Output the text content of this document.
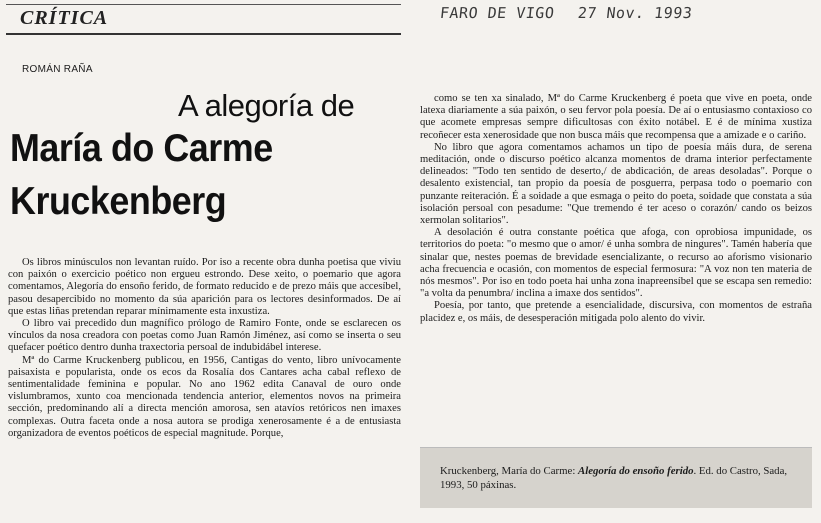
CRÍTICA	FARO DE VIGO 27 Nov. 1993
ROMÁN RAÑA
A alegoría de
María do Carme
Kruckenberg

Os libros minúsculos non levantan ruído. Por iso a recente obra dunha poetisa que viviu con paixón o exercicio poético non ergueu estrondo. Dese xeito, o poemario que agora comentamos, Alegoría do ensoño ferido, de formato reducido e de prezo máis que accesíbel, pasou desapercibido no momento da súa aparición para os lectores desinformados. De aí que estas liñas pretendan reparar mínimamente esta inxustiza.

O libro vai precedido dun magnífico prólogo de Ramiro Fonte, onde se esclarecen os vínculos da nosa creadora con poetas como Juan Ramón Jiménez, así como se inserta o seu quefacer poético dentro dunha traxectoria persoal de indubidábel interese.

Mª do Carme Kruckenberg publicou, en 1956, Cantigas do vento, libro unívocamente paisaxista e popularista, onde os ecos da Rosalía dos Cantares acha cabal reflexo de sentimentalidade feminina e popular. No ano 1962 edita Canaval de ouro onde vislumbramos, xunto coa mencionada tendencia anterior, elementos novos na primeira sección, predominando alí a directa mención amorosa, sen atavíos retóricos nen imaxes complexas. Outra faceta onde a nosa autora se prodiga xenerosamente é a de entusiasta organizadora de eventos poéticos de especial magnitude. Porque,

como se ten xa sinalado, Mª do Carme Kruckenberg é poeta que vive en poeta, onde latexa diariamente a súa paixón, o seu fervor pola poesía. De aí o entusiasmo contaxioso co que acomete empresas sempre dificultosas con éxito notábel. E é de mínima xustiza recoñecer esta xenerosidade que non busca máis que recompensa que a amizade e o cariño.

No libro que agora comentamos achamos un tipo de poesía máis dura, de serena meditación, onde o discurso poético alcanza momentos de drama interior perfectamente delineados: "Todo ten sentido de deserto,/ de abdicación, de areas desoladas". Porque o desalento existencial, tan propio da poesía de posguerra, perpasa todo o poemario con punzante reiteración. É a soidade a que esmaga o peito do poeta, soidade que constata a súa isolación persoal con pesadume: "Que tremendo é ter aceso o corazón/ cando os beizos xermolan solitarios".

A desolación é outra constante poética que afoga, con oprobiosa impunidade, os territorios do poeta: "o mesmo que o amor/ é unha sombra de ningures". Tamén habería que sinalar que, nestes poemas de brevidade esencializante, o recurso ao aforismo visionario acha frecuencia e ocasión, con momentos de especial fermosura: "A voz non ten materia de nós mesmos". Por iso en todo poeta hai unha zona inapreensíbel que se escapa sen remedio: "a volta da penumbra/ inclina a imaxe dos sentidos".

Poesía, por tanto, que pretende a esencialidade, discursiva, con momentos de estraña placidez e, os máis, de desesperación mitigada polo alento do vivir.

Kruckenberg, María do Carme: Alegoría do ensoño ferido. Ed. do Castro, Sada, 1993, 50 páxinas.
